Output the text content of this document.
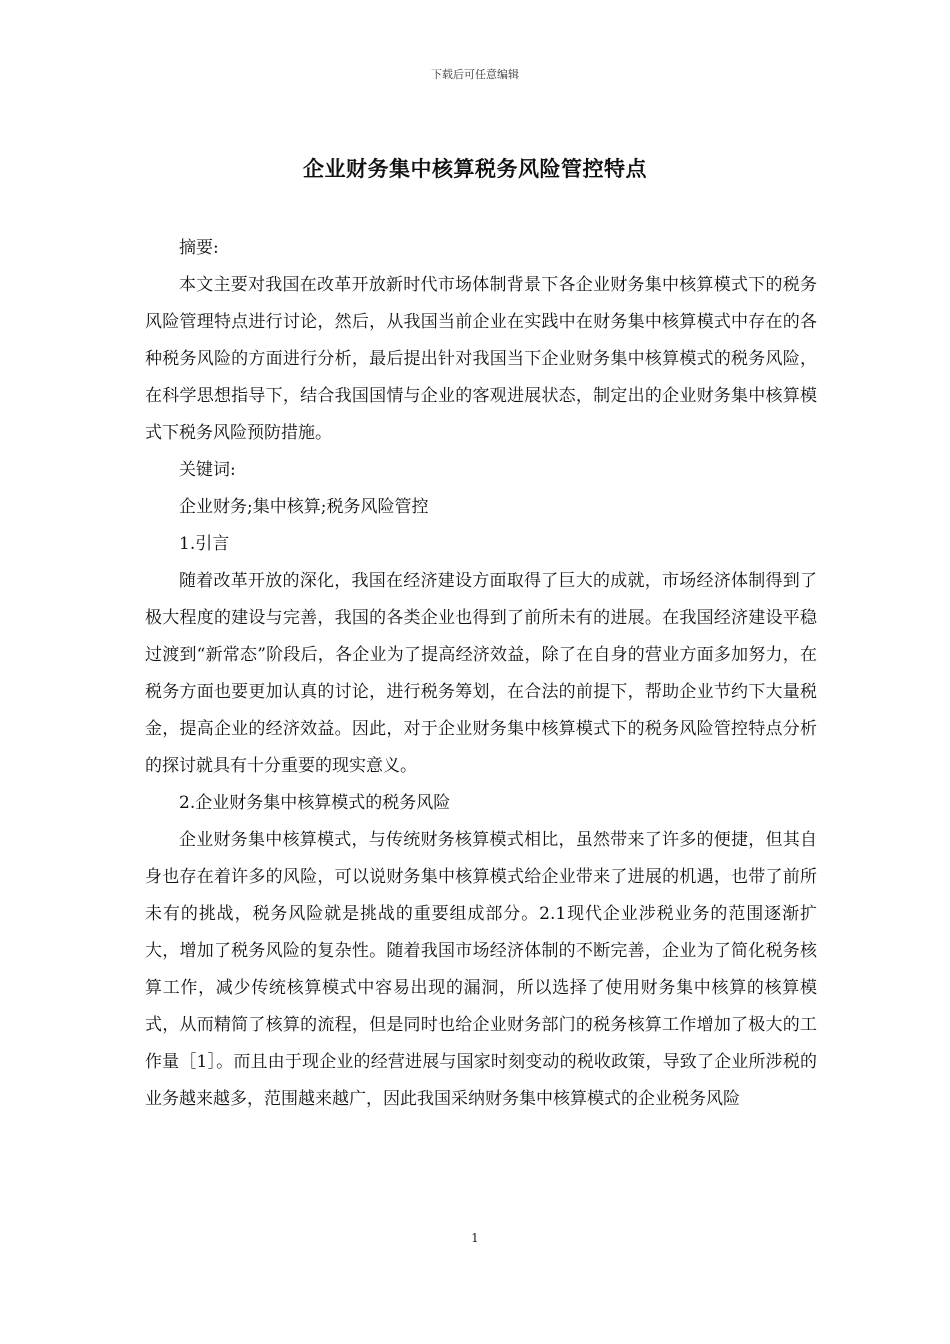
下载后可任意编辑
企业财务集中核算税务风险管控特点

摘要:

本文主要对我国在改革开放新时代市场体制背景下各企业财务集中核算模式下的税务风险管理特点进行讨论，然后，从我国当前企业在实践中在财务集中核算模式中存在的各种税务风险的方面进行分析，最后提出针对我国当下企业财务集中核算模式的税务风险，在科学思想指导下，结合我国国情与企业的客观进展状态，制定出的企业财务集中核算模式下税务风险预防措施。

关键词:

企业财务;集中核算;税务风险管控

1.引言

随着改革开放的深化，我国在经济建设方面取得了巨大的成就，市场经济体制得到了极大程度的建设与完善，我国的各类企业也得到了前所未有的进展。在我国经济建设平稳过渡到“新常态”阶段后，各企业为了提高经济效益，除了在自身的营业方面多加努力，在税务方面也要更加认真的讨论，进行税务筹划，在合法的前提下，帮助企业节约下大量税金，提高企业的经济效益。因此，对于企业财务集中核算模式下的税务风险管控特点分析的探讨就具有十分重要的现实意义。

2.企业财务集中核算模式的税务风险

企业财务集中核算模式，与传统财务核算模式相比，虽然带来了许多的便捷，但其自身也存在着许多的风险，可以说财务集中核算模式给企业带来了进展的机遇，也带了前所未有的挑战，税务风险就是挑战的重要组成部分。2.1现代企业涉税业务的范围逐渐扩大，增加了税务风险的复杂性。随着我国市场经济体制的不断完善，企业为了简化税务核算工作，减少传统核算模式中容易出现的漏洞，所以选择了使用财务集中核算的核算模式，从而精简了核算的流程，但是同时也给企业财务部门的税务核算工作增加了极大的工作量［1］。而且由于现企业的经营进展与国家时刻变动的税收政策，导致了企业所涉税的业务越来越多，范围越来越广，因此我国采纳财务集中核算模式的企业税务风险

1
